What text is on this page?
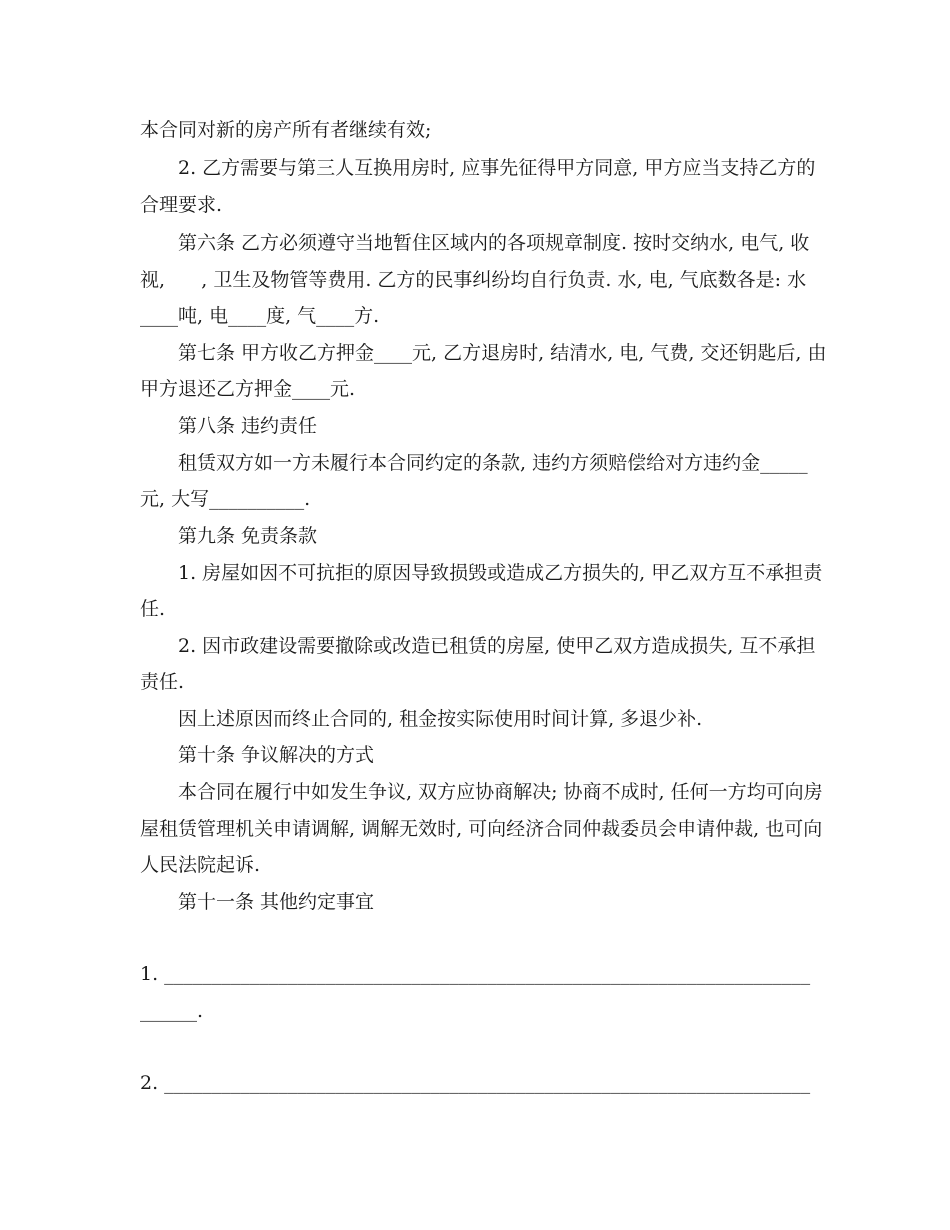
本合同对新的房产所有者继续有效;
2. 乙方需要与第三人互换用房时, 应事先征得甲方同意, 甲方应当支持乙方的
合理要求.
第六条 乙方必须遵守当地暂住区域内的各项规章制度. 按时交纳水, 电气, 收
视,      , 卫生及物管等费用. 乙方的民事纠纷均自行负责. 水, 电, 气底数各是: 水
____吨, 电____度, 气____方.
第七条 甲方收乙方押金____元, 乙方退房时, 结清水, 电, 气费, 交还钥匙后, 由
甲方退还乙方押金____元.
第八条 违约责任
租赁双方如一方未履行本合同约定的条款, 违约方须赔偿给对方违约金_____
元, 大写__________.
第九条 免责条款
1. 房屋如因不可抗拒的原因导致损毁或造成乙方损失的, 甲乙双方互不承担责
任.
2. 因市政建设需要撤除或改造已租赁的房屋, 使甲乙双方造成损失, 互不承担
责任.
因上述原因而终止合同的, 租金按实际使用时间计算, 多退少补.
第十条 争议解决的方式
本合同在履行中如发生争议, 双方应协商解决; 协商不成时, 任何一方均可向房
屋租赁管理机关申请调解, 调解无效时, 可向经济合同仲裁委员会申请仲裁, 也可向
人民法院起诉.
第十一条 其他约定事宜
1. ____________________________________________________________________
______.
2. ____________________________________________________________________
